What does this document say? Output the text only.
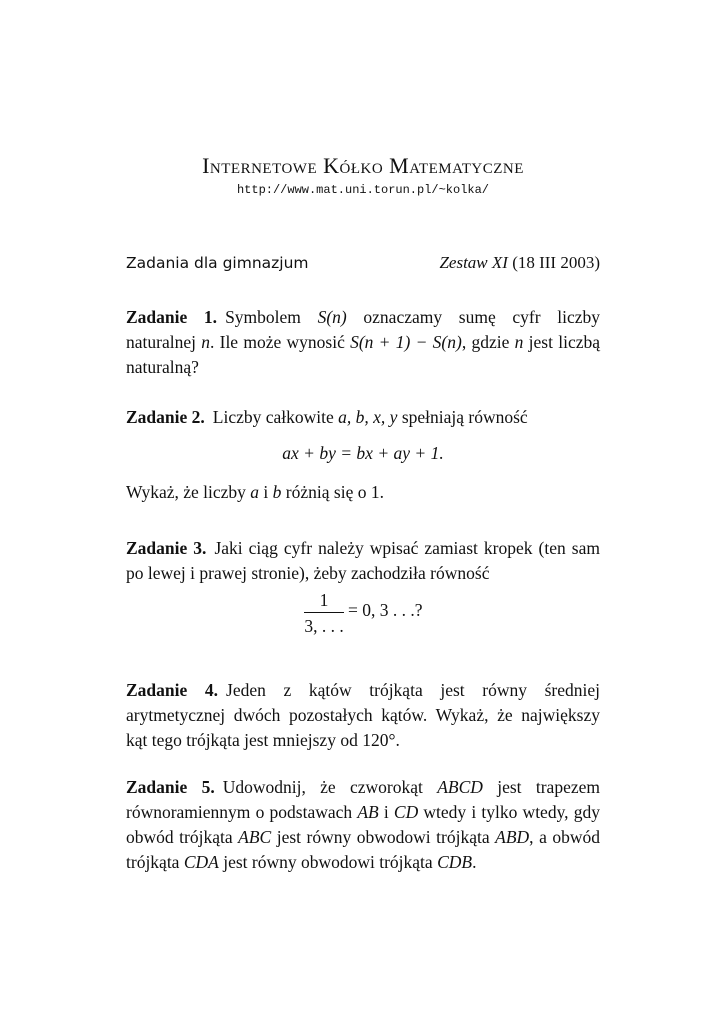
Internetowe Kółko Matematyczne
http://www.mat.uni.torun.pl/~kolka/
Zadania dla gimnazjum	Zestaw XI (18 III 2003)
Zadanie 1. Symbolem S(n) oznaczamy sumę cyfr liczby naturalnej n. Ile może wynosić S(n + 1) − S(n), gdzie n jest liczbą naturalną?
Zadanie 2. Liczby całkowite a, b, x, y spełniają równość
ax + by = bx + ay + 1.
Wykaż, że liczby a i b różnią się o 1.
Zadanie 3. Jaki ciąg cyfr należy wpisać zamiast kropek (ten sam po lewej i prawej stronie), żeby zachodziła równość
1
3, . . .
= 0, 3 . . .?
Zadanie 4. Jeden z kątów trójkąta jest równy średniej arytmetycznej dwóch pozostałych kątów. Wykaż, że największy kąt tego trójkąta jest mniejszy od 120°.
Zadanie 5. Udowodnij, że czworokąt ABCD jest trapezem równoramiennym o podstawach AB i CD wtedy i tylko wtedy, gdy obwód trójkąta ABC jest równy obwodowi trójkąta ABD, a obwód trójkąta CDA jest równy obwodowi trójkąta CDB.
